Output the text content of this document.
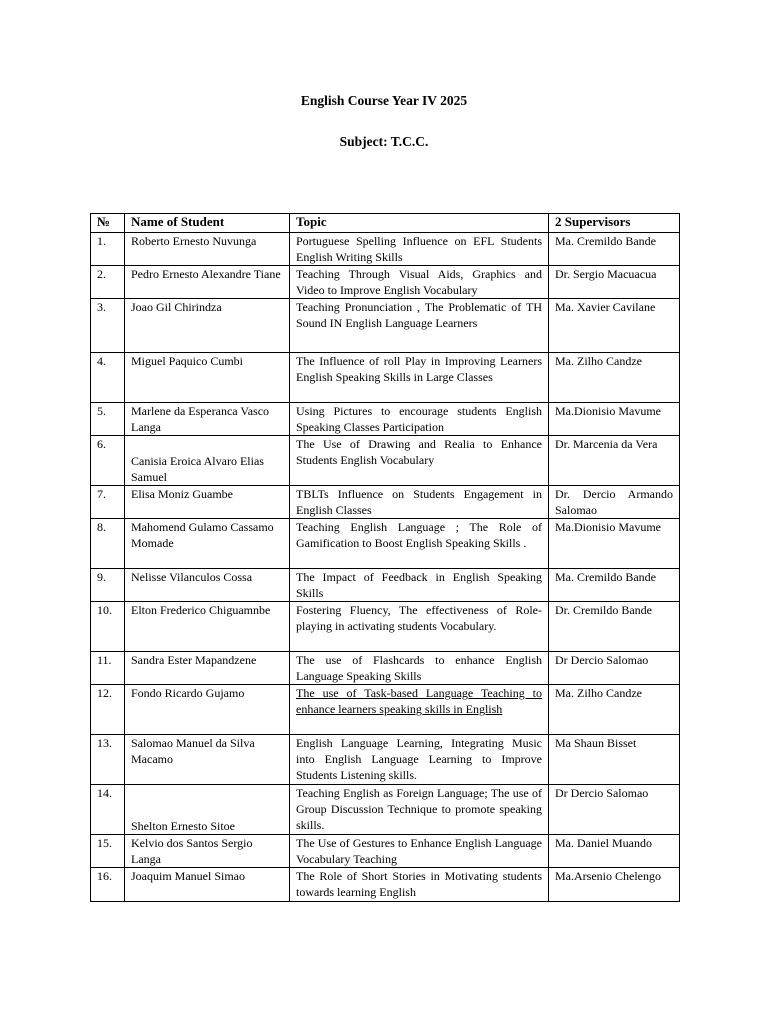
English Course Year IV 2025
Subject: T.C.C.
№	Name of Student	Topic	2 Supervisors
1.	Roberto Ernesto Nuvunga	Portuguese Spelling Influence on EFL Students English Writing Skills	Ma. Cremildo Bande
2.	Pedro Ernesto Alexandre Tiane	Teaching Through Visual Aids, Graphics and Video to Improve English Vocabulary	Dr. Sergio Macuacua
3.	Joao Gil Chirindza	Teaching Pronunciation , The Problematic of TH Sound IN English Language Learners	Ma. Xavier Cavilane
4.	Miguel Paquico Cumbi	The Influence of roll Play in Improving Learners English Speaking Skills in Large Classes	Ma. Zilho Candze
5.	Marlene da Esperanca Vasco Langa	Using Pictures to encourage students English Speaking Classes Participation	Ma.Dionisio Mavume
6.	Canisia Eroica Alvaro Elias Samuel	The Use of Drawing and Realia to Enhance Students English Vocabulary	Dr. Marcenia da Vera
7.	Elisa Moniz Guambe	TBLTs Influence on Students Engagement in English Classes	Dr. Dercio Armando Salomao
8.	Mahomend Gulamo Cassamo Momade	Teaching English Language ; The Role of Gamification to Boost English Speaking Skills .	Ma.Dionisio Mavume
9.	Nelisse Vilanculos Cossa	The Impact of Feedback in English Speaking Skills	Ma. Cremildo Bande
10.	Elton Frederico Chiguamnbe	Fostering Fluency, The effectiveness of Role-playing in activating students Vocabulary.	Dr. Cremildo Bande
11.	Sandra Ester Mapandzene	The use of Flashcards to enhance English Language Speaking Skills	Dr Dercio Salomao
12.	Fondo Ricardo Gujamo	The use of Task-based Language Teaching to enhance learners speaking skills in English	Ma. Zilho Candze
13.	Salomao Manuel da Silva Macamo	English Language Learning, Integrating Music into English Language Learning to Improve Students Listening skills.	Ma Shaun Bisset
14.	Shelton Ernesto Sitoe	Teaching English as Foreign Language; The use of Group Discussion Technique to promote speaking skills.	Dr Dercio Salomao
15.	Kelvio dos Santos Sergio Langa	The Use of Gestures to Enhance English Language Vocabulary Teaching	Ma. Daniel Muando
16.	Joaquim Manuel Simao	The Role of Short Stories in Motivating students towards learning English	Ma.Arsenio Chelengo
